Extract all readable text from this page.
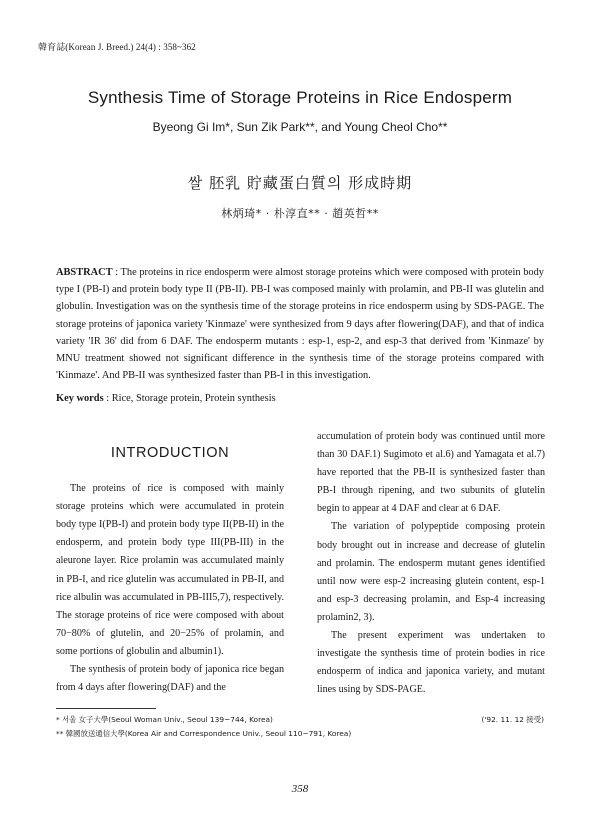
韓育誌(Korean J. Breed.) 24(4) : 358~362
Synthesis Time of Storage Proteins in Rice Endosperm
Byeong Gi Im*, Sun Zik Park**, and Young Cheol Cho**
쌀 胚乳 貯藏蛋白質의 形成時期
林炳琦* · 朴淳直** · 趙英哲**
ABSTRACT : The proteins in rice endosperm were almost storage proteins which were composed with protein body type I (PB-I) and protein body type II (PB-II). PB-I was composed mainly with prolamin, and PB-II was glutelin and globulin. Investigation was on the synthesis time of the storage proteins in rice endosperm using by SDS-PAGE. The storage proteins of japonica variety 'Kinmaze' were synthesized from 9 days after flowering(DAF), and that of indica variety 'IR 36' did from 6 DAF. The endosperm mutants : esp-1, esp-2, and esp-3 that derived from 'Kinmaze' by MNU treatment showed not significant difference in the synthesis time of the storage proteins compared with 'Kinmaze'. And PB-II was synthesized faster than PB-I in this investigation.
Key words : Rice, Storage protein, Protein synthesis
INTRODUCTION

The proteins of rice is composed with mainly storage proteins which were accumulated in protein body type I(PB-I) and protein body type II(PB-II) in the endosperm, and protein body type III(PB-III) in the aleurone layer. Rice prolamin was accumulated mainly in PB-I, and rice glutelin was accumulated in PB-II, and rice albulin was accumulated in PB-III5,7), respectively. The storage proteins of rice were composed with about 70−80% of glutelin, and 20−25% of prolamin, and some portions of globulin and albumin1).

The synthesis of protein body of japonica rice began from 4 days after flowering(DAF) and the

accumulation of protein body was continued until more than 30 DAF.1) Sugimoto et al.6) and Yamagata et al.7) have reported that the PB-II is synthesized faster than PB-I through ripening, and two subunits of glutelin begin to appear at 4 DAF and clear at 6 DAF.

The variation of polypeptide composing protein body brought out in increase and decrease of glutelin and prolamin. The endosperm mutant genes identified until now were esp-2 increasing glutein content, esp-1 and esp-3 decreasing prolamin, and Esp-4 increasing prolamin2, 3).

The present experiment was undertaken to investigate the synthesis time of protein bodies in rice endosperm of indica and japonica variety, and mutant lines using by SDS-PAGE.

* 서울 女子大學(Seoul Woman Univ., Seoul 139−744, Korea)
** 韓國放送通信大學(Korea Air and Correspondence Univ., Seoul 110−791, Korea)
('92. 11. 12 接受)
358
